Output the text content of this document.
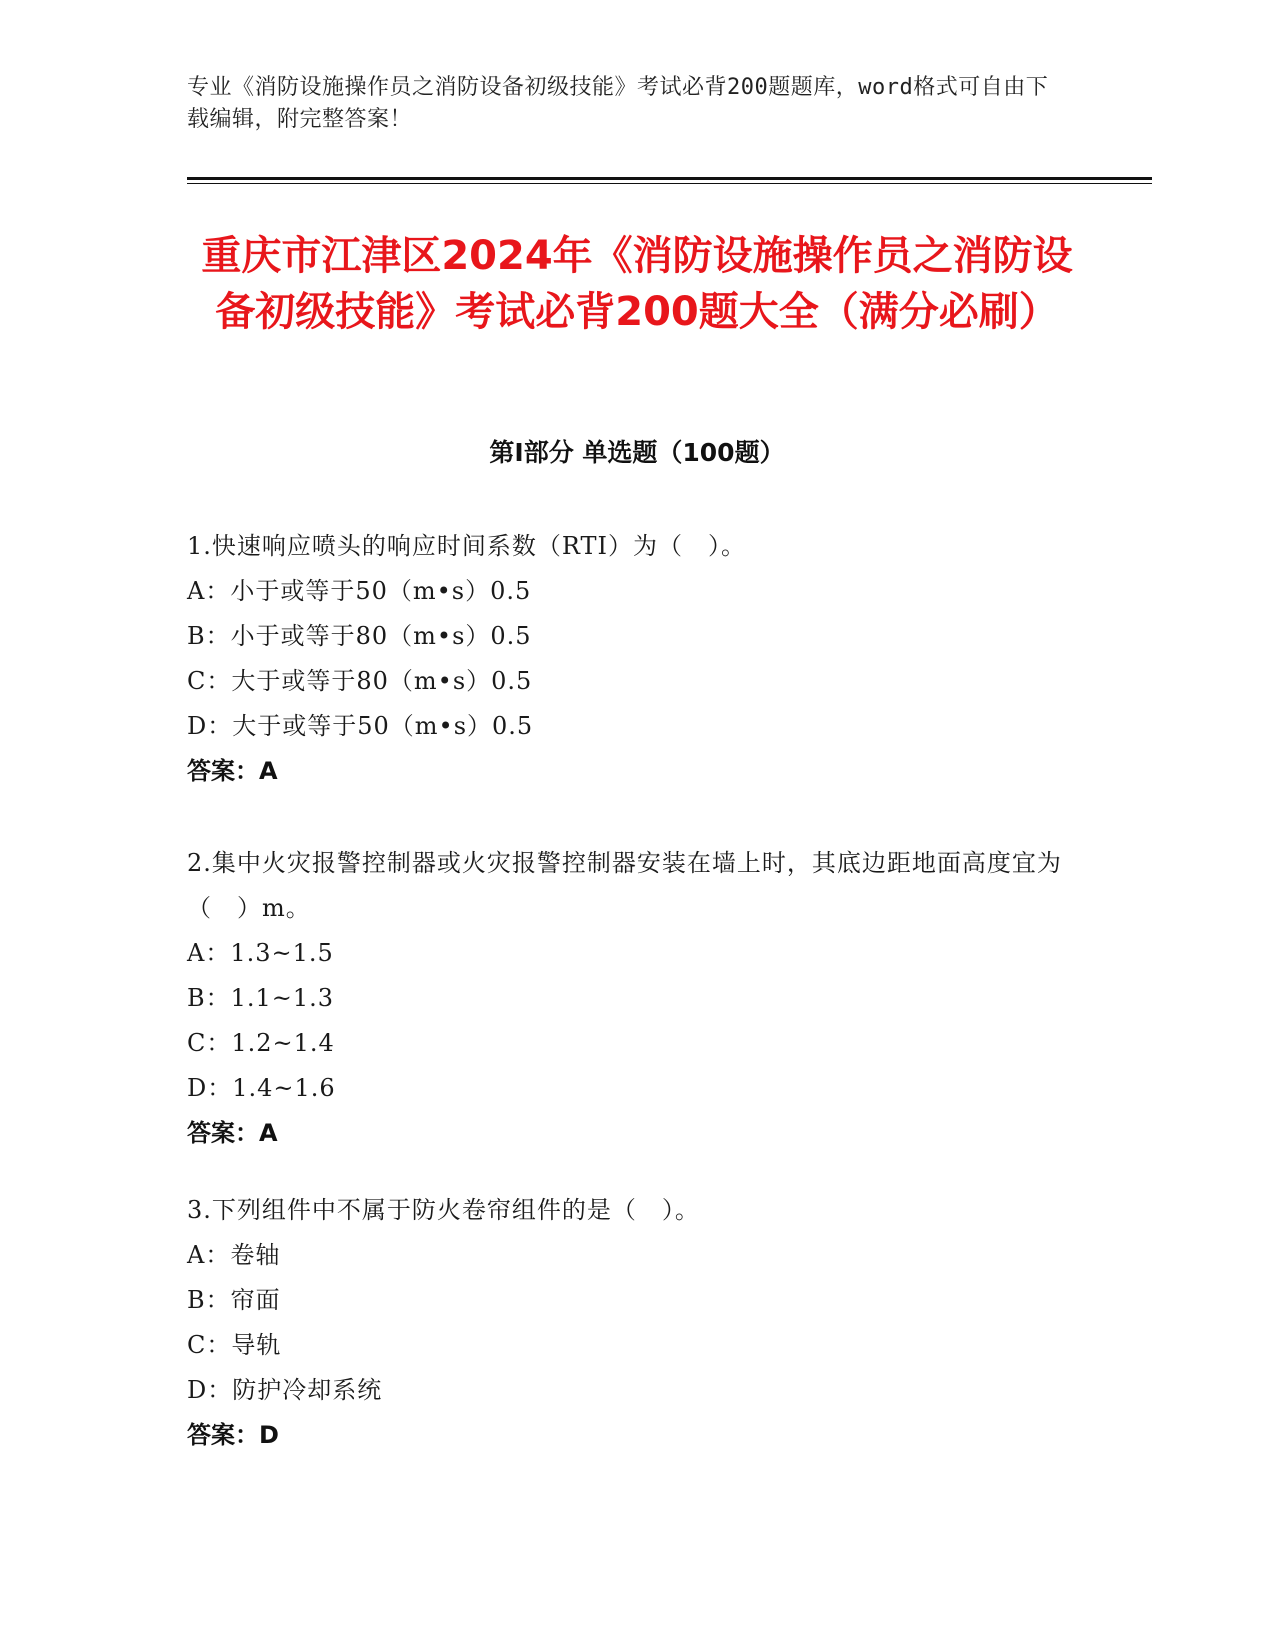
专业《消防设施操作员之消防设备初级技能》考试必背200题题库，word格式可自由下载编辑，附完整答案！
重庆市江津区2024年《消防设施操作员之消防设备初级技能》考试必背200题大全（满分必刷）
第I部分 单选题（100题）
1.快速响应喷头的响应时间系数（RTI）为（　）。
A：小于或等于50（m•s）0.5
B：小于或等于80（m•s）0.5
C：大于或等于80（m•s）0.5
D：大于或等于50（m•s）0.5
答案：A
2.集中火灾报警控制器或火灾报警控制器安装在墙上时，其底边距地面高度宜为（　）m。
A：1.3~1.5
B：1.1~1.3
C：1.2~1.4
D：1.4~1.6
答案：A
3.下列组件中不属于防火卷帘组件的是（　）。
A：卷轴
B：帘面
C：导轨
D：防护冷却系统
答案：D
